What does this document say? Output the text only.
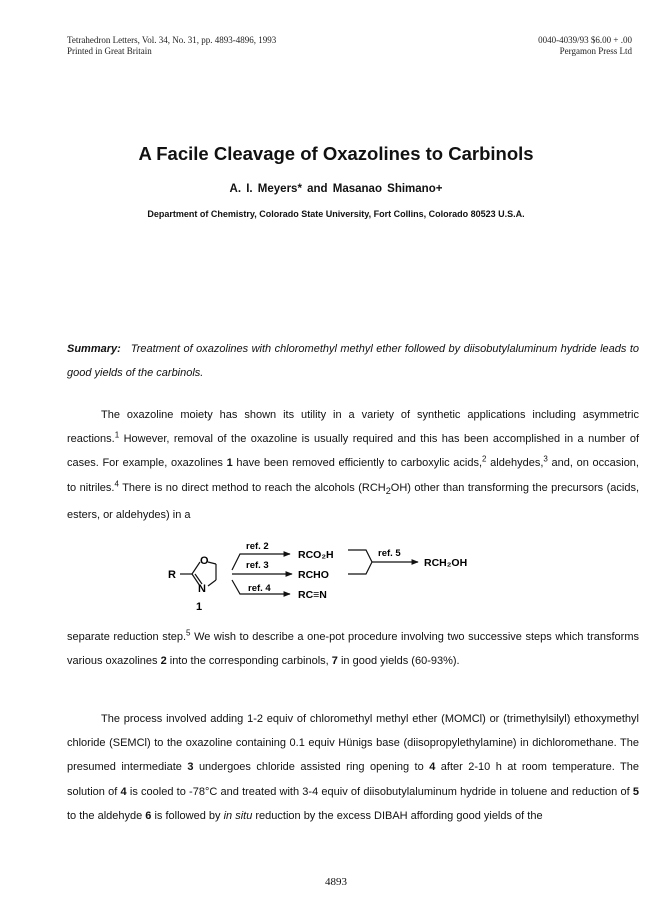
Tetrahedron Letters, Vol. 34, No. 31, pp. 4893-4896, 1993
Printed in Great Britain
0040-4039/93 $6.00 + .00
Pergamon Press Ltd
A Facile Cleavage of Oxazolines to Carbinols
A. I. Meyers* and Masanao Shimano+
Department of Chemistry, Colorado State University, Fort Collins, Colorado 80523 U.S.A.
Summary: Treatment of oxazolines with chloromethyl methyl ether followed by diisobutylaluminum hydride leads to good yields of the carbinols.
The oxazoline moiety has shown its utility in a variety of synthetic applications including asymmetric reactions.$^1$ However, removal of the oxazoline is usually required and this has been accomplished in a number of cases. For example, oxazolines 1 have been removed efficiently to carboxylic acids,$^2$ aldehydes,$^3$ and, on occasion, to nitriles.$^4$ There is no direct method to reach the alcohols $(RCH_2OH)$ other than transforming the precursors (acids, esters, or aldehydes) in a
R
O
N
1
ref. 2
ref. 3
ref. 4
ref. 5
RCO₂H
RCHO
RC≡N
RCH₂OH
separate reduction step.$^5$ We wish to describe a one-pot procedure involving two successive steps which transforms various oxazolines 2 into the corresponding carbinols, 7 in good yields (60-93%).
The process involved adding 1-2 equiv of chloromethyl methyl ether (MOMCl) or (trimethylsilyl) ethoxymethyl chloride (SEMCl) to the oxazoline containing 0.1 equiv Hünigs base (diisopropylethylamine) in dichloromethane. The presumed intermediate 3 undergoes chloride assisted ring opening to 4 after 2-10 h at room temperature. The solution of 4 is cooled to -78°C and treated with 3-4 equiv of diisobutylaluminum hydride in toluene and reduction of 5 to the aldehyde 6 is followed by in situ reduction by the excess DIBAH affording good yields of the
4893
